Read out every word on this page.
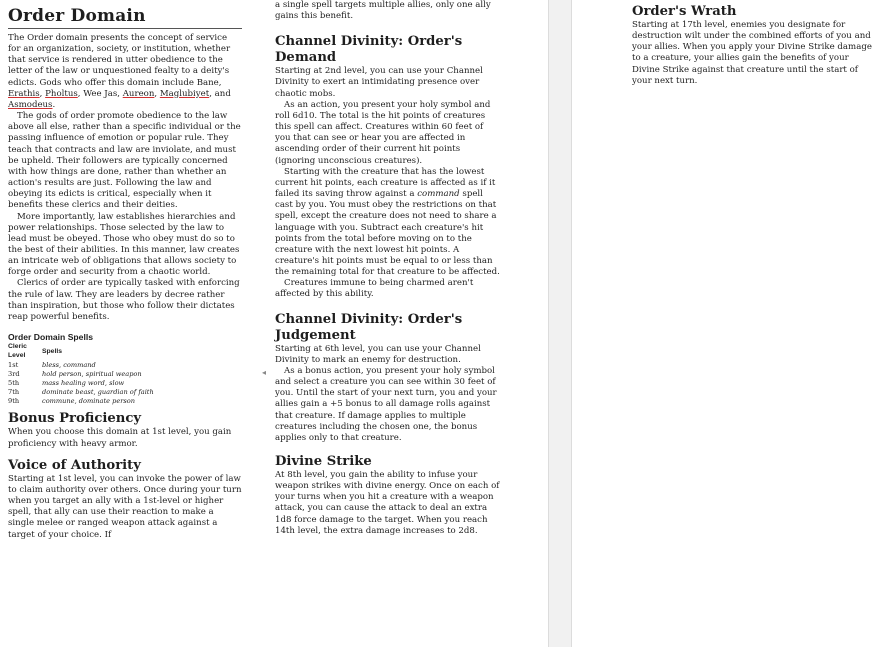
Order Domain

The Order domain presents the concept of service for an organization, society, or institution, whether that service is rendered in utter obedience to the letter of the law or unquestioned fealty to a deity's edicts. Gods who offer this domain include Bane, Erathis, Pholtus, Wee Jas, Aureon, Maglubiyet, and Asmodeus.

The gods of order promote obedience to the law above all else, rather than a specific individual or the passing influence of emotion or popular rule. They teach that contracts and law are inviolate, and must be upheld. Their followers are typically concerned with how things are done, rather than whether an action's results are just. Following the law and obeying its edicts is critical, especially when it benefits these clerics and their deities.

More importantly, law establishes hierarchies and power relationships. Those selected by the law to lead must be obeyed. Those who obey must do so to the best of their abilities. In this manner, law creates an intricate web of obligations that allows society to forge order and security from a chaotic world.

Clerics of order are typically tasked with enforcing the rule of law. They are leaders by decree rather than inspiration, but those who follow their dictates reap powerful benefits.

Order Domain Spells
Cleric Level	Spells
1st	bless, command
3rd	hold person, spiritual weapon
5th	mass healing word, slow
7th	dominate beast, guardian of faith
9th	commune, dominate person
Bonus Proficiency

When you choose this domain at 1st level, you gain proficiency with heavy armor.

Voice of Authority

Starting at 1st level, you can invoke the power of law to claim authority over others. Once during your turn when you target an ally with a 1st-level or higher spell, that ally can use their reaction to make a single melee or ranged weapon attack against a target of your choice. If

a single spell targets multiple allies, only one ally gains this benefit.

Channel Divinity: Order's Demand

Starting at 2nd level, you can use your Channel Divinity to exert an intimidating presence over chaotic mobs.

As an action, you present your holy symbol and roll 6d10. The total is the hit points of creatures this spell can affect. Creatures within 60 feet of you that can see or hear you are affected in ascending order of their current hit points (ignoring unconscious creatures).

Starting with the creature that has the lowest current hit points, each creature is affected as if it failed its saving throw against a command spell cast by you. You must obey the restrictions on that spell, except the creature does not need to share a language with you. Subtract each creature's hit points from the total before moving on to the creature with the next lowest hit points. A creature's hit points must be equal to or less than the remaining total for that creature to be affected.

Creatures immune to being charmed aren't affected by this ability.

Channel Divinity: Order's Judgement

Starting at 6th level, you can use your Channel Divinity to mark an enemy for destruction.

As a bonus action, you present your holy symbol and select a creature you can see within 30 feet of you. Until the start of your next turn, you and your allies gain a +5 bonus to all damage rolls against that creature. If damage applies to multiple creatures including the chosen one, the bonus applies only to that creature.

Divine Strike

At 8th level, you gain the ability to infuse your weapon strikes with divine energy. Once on each of your turns when you hit a creature with a weapon attack, you can cause the attack to deal an extra 1d8 force damage to the target. When you reach 14th level, the extra damage increases to 2d8.

◂
Order's Wrath

Starting at 17th level, enemies you designate for destruction wilt under the combined efforts of you and your allies. When you apply your Divine Strike damage to a creature, your allies gain the benefits of your Divine Strike against that creature until the start of your next turn.
